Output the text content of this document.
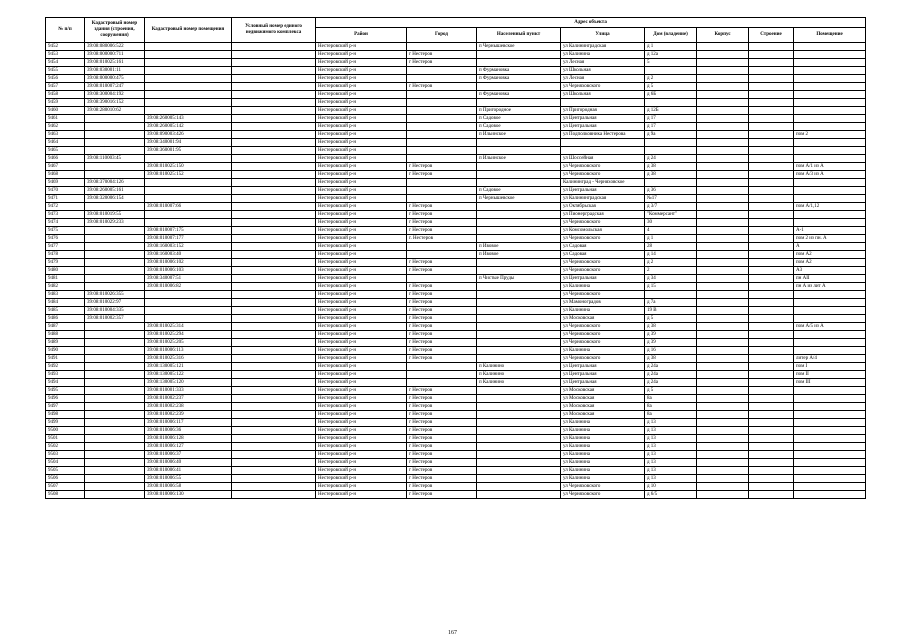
№ п/п	Кадастровый номер здания (строения, сооружения)	Кадастровый номер помещения	Условный номер единого недвижимого комплекса	Адрес объекта							
				Район	Город	Населенный пункт	Улица	Дом (владение)	Корпус	Строение	Помещение
9452	39:08:080006:522			Нестеровский р-н		п Чернышевское	ул Калининградская	д 1			
9453	39:08:000000:711			Нестеровский р-н	г Нестеров		ул Калинина	д 12а			
9454	39:08:010025:161			Нестеровский р-н	г Нестеров		ул Лесная	5			
9455	39:08:030001:11			Нестеровский р-н		п Фурмановка	ул Школьная				
9456	39:08:000000:475			Нестеровский р-н		п Фурмановка	ул Лесная	д 2			
9457	39:08:010007:247			Нестеровский р-н	г Нестеров		ул Черняховского	д 5			
9458	39:08:300004:192			Нестеровский р-н		п Фурмановка	ул Школьная	д 6Б			
9459	39:08:390016:152			Нестеровский р-н							
9460	39:08:280010:62			Нестеровский р-н		п Пригородное	ул Пригородная	д 12Б			
9461		39:08:260005:143		Нестеровский р-н		п Садовое	ул Центральная	д 17			
9462		39:08:260005:142		Нестеровский р-н		п Садовое	ул Центральная	д 17			
9463		39:08:090003:426		Нестеровский р-н		п Ильинское	ул Подполковника Нестерова	д 9а			пом 2
9464		39:08:340001:94		Нестеровский р-н							
9465		39:08:360001:95		Нестеровский р-н							
9466	39:08:110003:45			Нестеровский р-н		п Ильинское	ул Шоссейная	д 24			
9467		39:08:010025:150		Нестеровский р-н	г Нестеров		ул Черняховского	д 38			пом А/1 из А
9468		39:08:010025:152		Нестеровский р-н	г Нестеров		ул Черняховского	д 38			пом А/3 из А
9469	39:08:370004:126			Нестеровский р-н			Калининград - Черняховское				
9470	39:08:260005:161			Нестеровский р-н		п Садовое	ул Центральная	д 36			
9471	39:08:320006:154			Нестеровский р-н		п Чернышевское	ул Калининградская	№17			
9472		39:08:010007:66		Нестеровский р-н	г Нестеров		ул Октябрьская	д 3/7			пом А/1,12
9473	39:08:010019:55			Нестеровский р-н	г Нестеров		ул Пионерградская	"Коммерсант"			
9474	39:08:010029:233			Нестеровский р-н	г Нестеров		ул Черняховского	30			
9475		39:08:010007:175		Нестеровский р-н	г Нестеров		ул Комсомольская	4			А-1
9476		39:08:010007:177		Нестеровский р-н	г. Нестеров		ул Черняховского	д 1			пом 2 из пн. А
9477		39:08:160003:152		Нестеровский р-н		п Ивовое	ул Садовая	28			А
9478		39:08:160003:40		Нестеровский р-н		п Ивовое	ул Садовая	д 14			пом А2
9479		39:08:010006:102		Нестеровский р-н	г Нестеров		ул Черняховского	д 2			пом А2
9480		39:08:010006:103		Нестеровский р-н	г Нестеров		ул Черняховского	2			А3
9481		39:08:340007:51		Нестеровский р-н		п Чистые Пруды	ул Центральная	д 34			пн АII
9482		39:08:010006:82		Нестеровский р-н	г Нестеров		ул Калинина	д 15			пн А из лит А
9483	39:08:010026:355			Нестеровский р-н	г Нестеров		ул Черняховского				
9484	39:08:010022:97			Нестеровский р-н	г Нестеров		ул Мамоноградов	д 7а			
9485	39:08:010004:335			Нестеровский р-н	г Нестеров		ул Калинина	19 В			
9486	39:08:010002:357			Нестеровский р-н	г Нестеров		ул Московская	д 5			
9487		39:08:010025:314		Нестеровский р-н	г Нестеров		ул Черняховского	д 38			пом А/5 из А
9488		39:08:010025:294		Нестеровский р-н	г Нестеров		ул Черняховского	д 39			
9489		39:08:010025:205		Нестеровский р-н	г Нестеров		ул Черняховского	д 39			
9490		39:08:010006:113		Нестеровский р-н	г Нестеров		ул Калинина	д 16			
9491		39:08:010025:316		Нестеровский р-н	г Нестеров		ул Черняховского	д 38			литер А/4
9492		39:08:130005:121		Нестеровский р-н		п Калинино	ул Центральная	д 24а			пом I
9493		39:08:130005:122		Нестеровский р-н		п Калинино	ул Центральная	д 24а			пом II
9494		39:08:130005:120		Нестеровский р-н		п Калинино	ул Центральная	д 24а			пом III
9495		39:08:010001:333		Нестеровский р-н	г Нестеров		ул Московская	д 5			
9496		39:08:010002:237		Нестеровский р-н	г Нестеров		ул Московская	8а			
9497		39:08:010002:238		Нестеровский р-н	г Нестеров		ул Московская	8а			
9498		39:08:010002:239		Нестеровский р-н	г Нестеров		ул Московская	8а			
9499		39:08:010006:117		Нестеровский р-н	г Нестеров		ул Калинина	д 13			
9500		39:08:010006:36		Нестеровский р-н	г Нестеров		ул Калинина	д 13			
9501		39:08:010006:128		Нестеровский р-н	г Нестеров		ул Калинина	д 13			
9502		39:08:010006:127		Нестеровский р-н	г Нестеров		ул Калинина	д 13			
9503		39:08:010006:37		Нестеровский р-н	г Нестеров		ул Калинина	д 13			
9504		39:08:010006:40		Нестеровский р-н	г Нестеров		ул Калинина	д 13			
9505		39:08:010006:41		Нестеровский р-н	г Нестеров		ул Калинина	д 13			
9506		39:08:010006:55		Нестеровский р-н	г Нестеров		ул Калинина	д 13			
9507		39:08:010006:58		Нестеровский р-н	г Нестеров		ул Черняховского	д 10			
9508		39:08:010006:130		Нестеровский р-н	г Нестеров		ул Черняховского	д 6/5			
167
